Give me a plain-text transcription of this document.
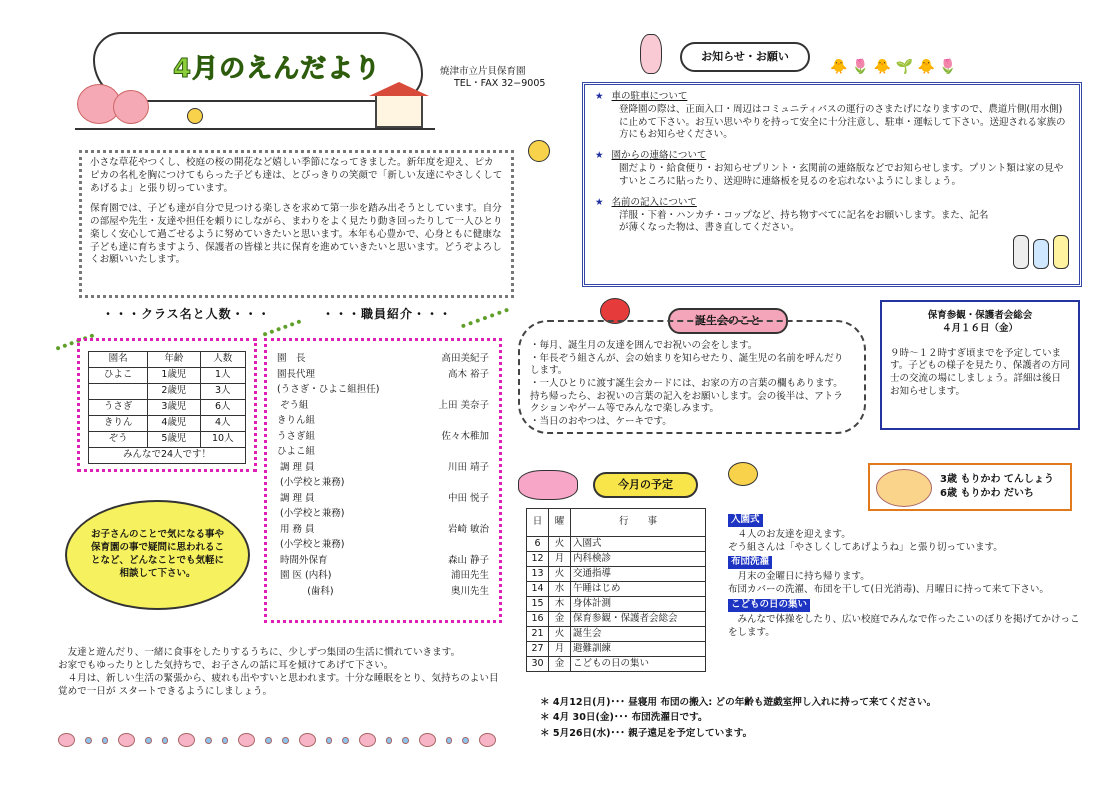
4月のえんだより	焼津市立片貝保育園
TEL・FAX 32−9005

小さな草花やつくし、校庭の桜の開花など嬉しい季節になってきました。新年度を迎え、ピカピカの名札を胸につけてもらった子ども達は、とびっきりの笑顔で「新しい友達にやさしくしてあげるよ」と張り切っています。

保育園では、子ども達が自分で見つける楽しさを求めて第一歩を踏み出そうとしています。自分の部屋や先生・友達や担任を頼りにしながら、まわりをよく見たり動き回ったりして一人ひとり楽しく安心して過ごせるように努めていきたいと思います。本年も心豊かで、心身ともに健康な子ども達に育ちますよう、保護者の皆様と共に保育を進めていきたいと思います。どうぞよろしくお願いいたします。

お知らせ・お願い
🐥 🌷 🐥 🌱 🐥 🌷
★ 車の駐車について
登降園の際は、正面入口・周辺はコミュニティバスの運行のさまたげになりますので、農道片側(用水側)に止めて下さい。お互い思いやりを持って安全に十分注意し、駐車・運転して下さい。送迎される家族の方にもお知らせください。
★ 園からの連絡について
園だより・給食便り・お知らせプリント・玄関前の連絡版などでお知らせします。プリント類は家の見やすいところに貼ったり、送迎時に連絡板を見るのを忘れないようにしましょう。
★ 名前の記入について
洋服・下着・ハンカチ・コップなど、持ち物すべてに記名をお願いします。また、記名が薄くなった物は、書き直してください。
・・・クラス名と人数・・・	・・・職員紹介・・・
園名	年齢	人数
ひよこ	1歳児	1人
	2歳児	3人
うさぎ	3歳児	6人
きりん	4歳児	4人
ぞう	5歳児	10人
みんなで24人です！		
園　長	高田美紀子
園長代理	高木 裕子
(うさぎ・ひよこ組担任)
ぞう組	上田 美奈子
きりん組
うさぎ組	佐々木稚加
ひよこ組
調 理 員	川田 靖子
(小学校と兼務)
調 理 員	中田 悦子
(小学校と兼務)
用 務 員	岩崎 敏治
(小学校と兼務)
時間外保育	森山 静子
園 医 (内科)	浦田先生
(歯科)	奥川先生
お子さんのことで気になる事や保育園の事で疑問に思われることなど、どんなことでも気軽に相談して下さい。
誕生会のこと
・毎月、誕生月の友達を囲んでお祝いの会をします。
・年長ぞう組さんが、会の始まりを知らせたり、誕生児の名前を呼んだりします。
・一人ひとりに渡す誕生会カードには、お家の方の言葉の欄もあります。持ち帰ったら、お祝いの言葉の記入をお願いします。会の後半は、アトラクションやゲーム等でみんなで楽しみます。
・当日のおやつは、ケーキです。
保育参観・保護者会総会
４月１６日（金）

９時～１２時すぎ頃までを予定しています。子どもの様子を見たり、保護者の方同士の交流の場にしましょう。詳細は後日お知らせします。

3歳 もりかわ てんしょう
6歳 もりかわ だいち
今月の予定
日	曜	行　　事
6	火	入園式
12	月	内科検診
13	火	交通指導
14	水	午睡はじめ
15	木	身体計測
16	金	保育参観・保護者会総会
21	火	誕生会
27	月	避難訓練
30	金	こどもの日の集い
入園式
　４人のお友達を迎えます。
ぞう組さんは「やさしくしてあげようね」と張り切っています。
布団洗濯
　月末の金曜日に持ち帰ります。
布団カバーの洗濯、布団を干して(日光消毒)、月曜日に持って来て下さい。
こどもの日の集い
　みんなで体操をしたり、広い校庭でみんなで作ったこいのぼりを掲げてかけっこをします。

　友達と遊んだり、一緒に食事をしたりするうちに、少しずつ集団の生活に慣れていきます。

お家でもゆったりとした気持ちで、お子さんの話に耳を傾けてあげて下さい。

　４月は、新しい生活の緊張から、疲れも出やすいと思われます。十分な睡眠をとり、気持ちのよい目覚めで一日が スタートできるようにしましょう。

＊ 4月12日(月)･･･ 昼寝用 布団の搬入: どの年齢も遊戯室押し入れに持って来てください。
＊ 4月 30日(金)･･･ 布団洗濯日です。
＊ 5月26日(水)･･･ 親子遠足を予定しています。
